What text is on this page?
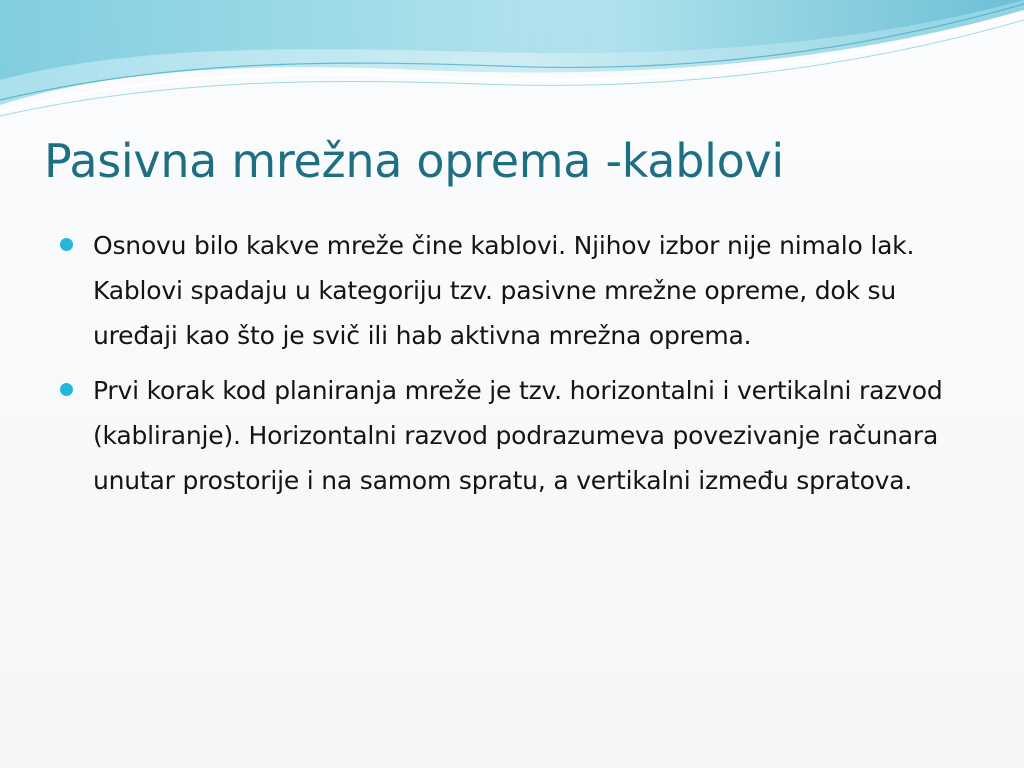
Pasivna mrežna oprema -kablovi
Osnovu bilo kakve mreže čine kablovi. Njihov izbor nije nimalo lak. Kablovi spadaju u kategoriju tzv. pasivne mrežne opreme, dok su uređaji kao što je svič ili hab aktivna mrežna oprema.
Prvi korak kod planiranja mreže je tzv. horizontalni i vertikalni razvod (kabliranje). Horizontalni razvod podrazumeva povezivanje računara unutar prostorije i na samom spratu, a vertikalni između spratova.
